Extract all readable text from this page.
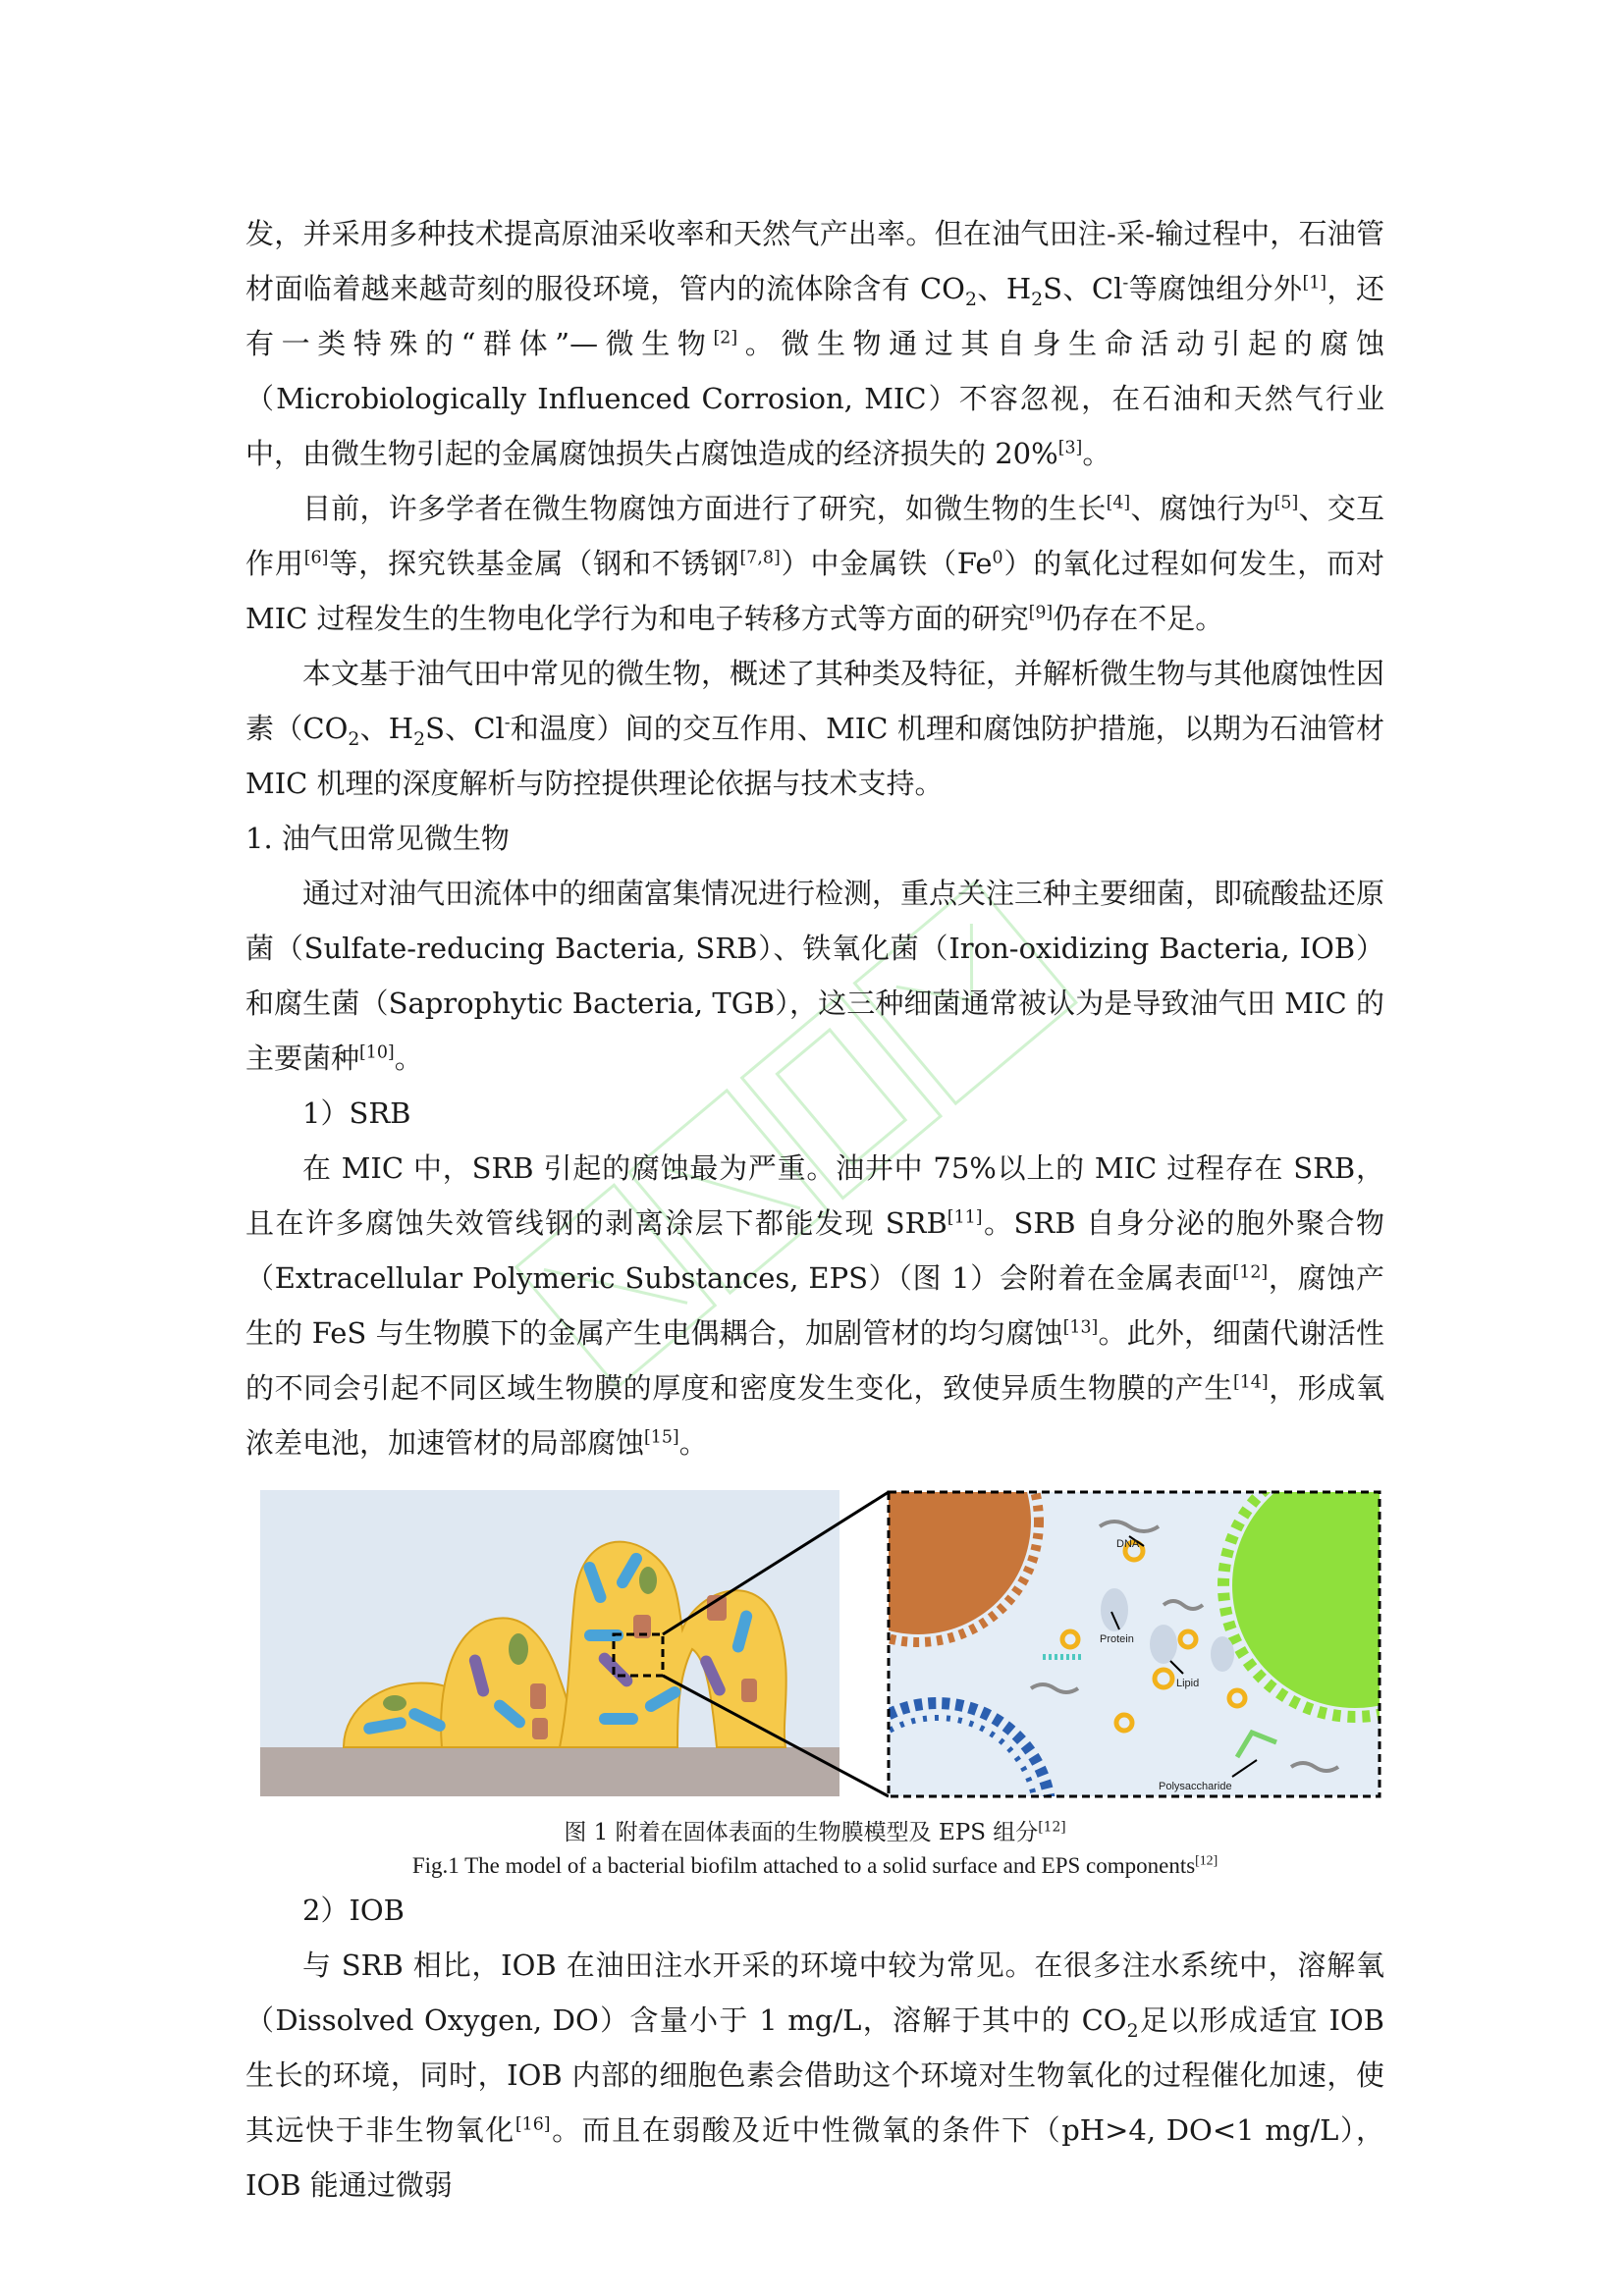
发，并采用多种技术提高原油采收率和天然气产出率。但在油气田注-采-输过程中，石油管材面临着越来越苛刻的服役环境，管内的流体除含有 $CO_2$、$H_2S$、Cl-等腐蚀组分外[1]，还有一类特殊的“群体”—微生物[2]。微生物通过其自身生命活动引起的腐蚀（Microbiologically Influenced Corrosion, MIC）不容忽视，在石油和天然气行业中，由微生物引起的金属腐蚀损失占腐蚀造成的经济损失的 20%[3]。

目前，许多学者在微生物腐蚀方面进行了研究，如微生物的生长[4]、腐蚀行为[5]、交互作用[6]等，探究铁基金属（钢和不锈钢[7,8]）中金属铁（Fe$^0$）的氧化过程如何发生，而对 MIC 过程发生的生物电化学行为和电子转移方式等方面的研究[9]仍存在不足。

本文基于油气田中常见的微生物，概述了其种类及特征，并解析微生物与其他腐蚀性因素（$CO_2$、$H_2S$、Cl-和温度）间的交互作用、MIC 机理和腐蚀防护措施，以期为石油管材 MIC 机理的深度解析与防控提供理论依据与技术支持。

1. 油气田常见微生物

通过对油气田流体中的细菌富集情况进行检测，重点关注三种主要细菌，即硫酸盐还原菌（Sulfate-reducing Bacteria, SRB）、铁氧化菌（Iron-oxidizing Bacteria, IOB）和腐生菌（Saprophytic Bacteria, TGB），这三种细菌通常被认为是导致油气田 MIC 的主要菌种[10]。

1）SRB

在 MIC 中，SRB 引起的腐蚀最为严重。油井中 75%以上的 MIC 过程存在 SRB，且在许多腐蚀失效管线钢的剥离涂层下都能发现 SRB[11]。SRB 自身分泌的胞外聚合物（Extracellular Polymeric Substances, EPS）（图 1）会附着在金属表面[12]，腐蚀产生的 FeS 与生物膜下的金属产生电偶耦合，加剧管材的均匀腐蚀[13]。此外，细菌代谢活性的不同会引起不同区域生物膜的厚度和密度发生变化，致使异质生物膜的产生[14]，形成氧浓差电池，加速管材的局部腐蚀[15]。

DNA
Protein
Lipid
Polysaccharide

图 1 附着在固体表面的生物膜模型及 EPS 组分[12]

Fig.1 The model of a bacterial biofilm attached to a solid surface and EPS components[12]

2）IOB

与 SRB 相比，IOB 在油田注水开采的环境中较为常见。在很多注水系统中，溶解氧（Dissolved Oxygen, DO）含量小于 1 mg/L，溶解于其中的 $CO_2$足以形成适宜 IOB 生长的环境，同时，IOB 内部的细胞色素会借助这个环境对生物氧化的过程催化加速，使其远快于非生物氧化[16]。而且在弱酸及近中性微氧的条件下（pH>4, DO<1 mg/L），IOB 能通过微弱
